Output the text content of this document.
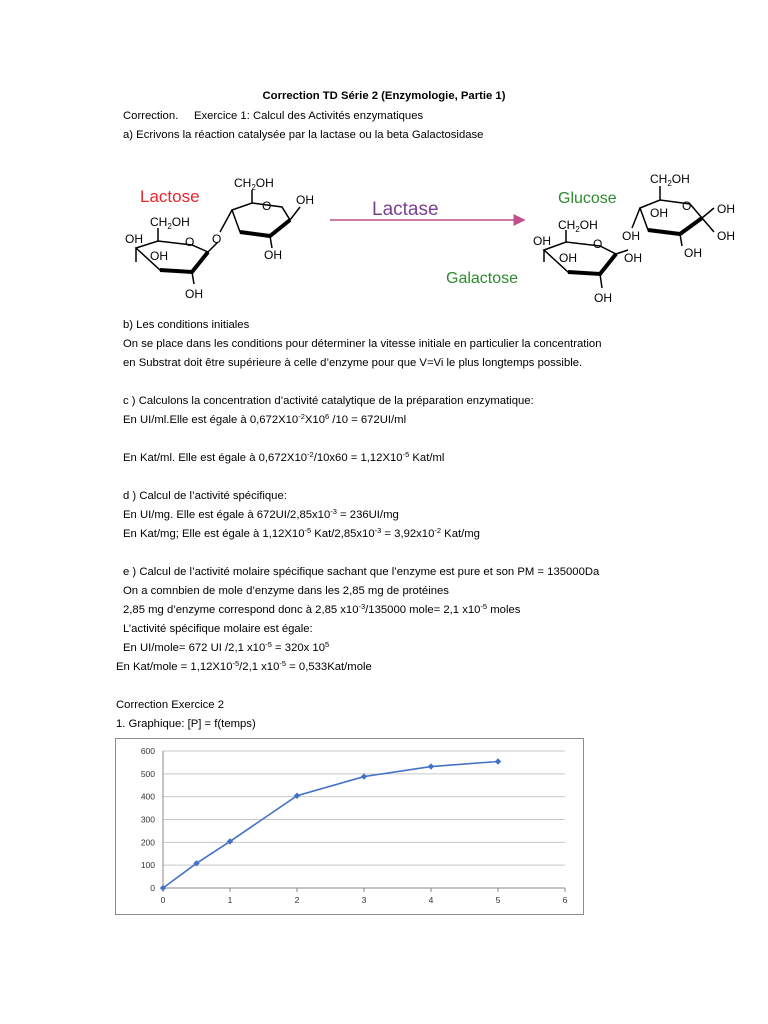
Correction TD Série 2 (Enzymologie, Partie 1)
Correction. Exercice 1: Calcul des Activités enzymatiques
a) Ecrivons la réaction catalysée par la lactase ou la beta Galactosidase
Lactose
$CH_2OH$
O OH
OH
O
$CH_2OH$
O
OH
OH
OH
Lactase
Glucose
$CH_2OH$
O
OH	OH
OH
OH
OH
$CH_2OH$
O
OH
OH	OH
OH
Galactose
b) Les conditions initiales
On se place dans les conditions pour déterminer la vitesse initiale en particulier la concentration
en Substrat doit être supérieure à celle d’enzyme pour que V=Vi le plus longtemps possible.
c ) Calculons la concentration d’activité catalytique de la préparation enzymatique:
En UI/ml.Elle est égale à $0,672X10^{-2}X10^6$ /10 = 672UI/ml
En Kat/ml. Elle est égale à $0,672X10^{-2}/10x60 = 1,12X10^{-5}$ Kat/ml
d ) Calcul de l’activité spécifique:
En UI/mg. Elle est égale à $672UI/2,85x10^{-3} = 236UI/mg$
En Kat/mg; Elle est égale à $1,12X10^{-5}$ Kat/$2,85x10^{-3} = 3,92x10^{-2}$ Kat/mg
e ) Calcul de l’activité molaire spécifique sachant que l’enzyme est pure et son PM = 135000Da
On a comnbien de mole d’enzyme dans les 2,85 mg de protéines
2,85 mg d’enzyme correspond donc à 2,85 $x10^{-3}/135000$ mole= 2,1 $x10^{-5}$ moles
L’activité spécifique molaire est égale:
En UI/mole= 672 UI /2,1 $x10^{-5} = 320x$ $10^5$
En Kat/mole = $1,12X10^{-5}/2,1$ $x10^{-5}$ = 0,533Kat/mole
Correction Exercice 2
1. Graphique: [P] = f(temps)
0
100
200
300
400
500
600
0	1	2	3	4	5	6
